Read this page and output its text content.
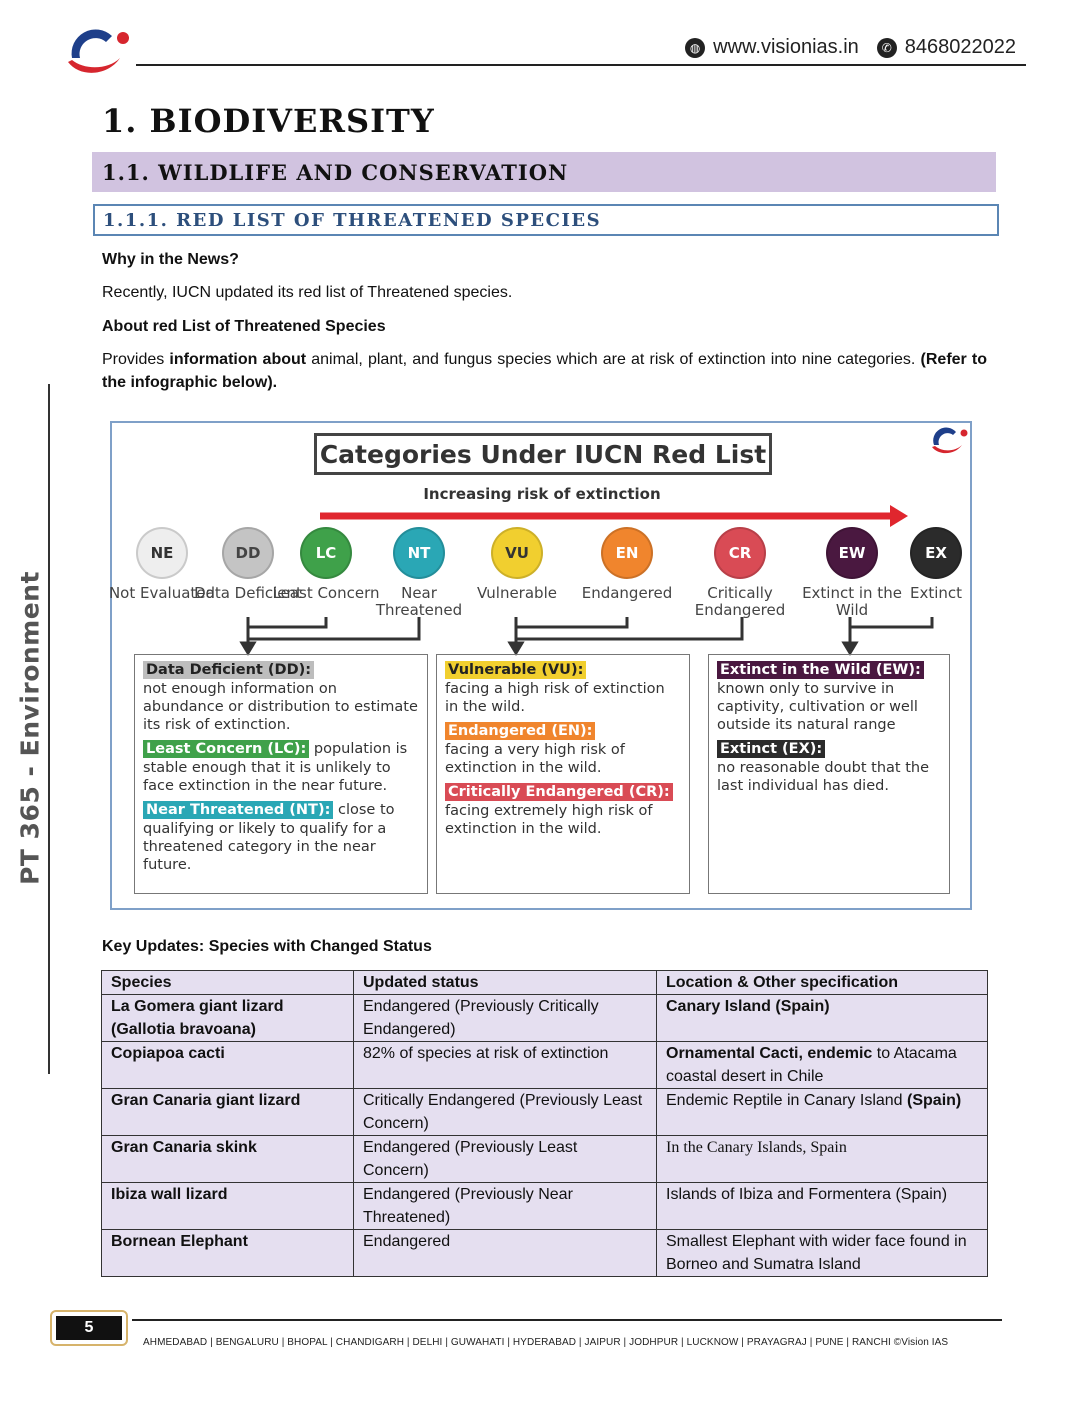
◍ www.visionias.in	✆ 8468022022
PT 365 - Environment
1. BIODIVERSITY
1.1. WILDLIFE AND CONSERVATION
1.1.1. RED LIST OF THREATENED SPECIES
Why in the News?
Recently, IUCN updated its red list of Threatened species.
About red List of Threatened Species
Provides information about animal, plant, and fungus species which are at risk of extinction into nine categories. (Refer to the infographic below).
Categories Under IUCN Red List
Increasing risk of extinction
NE
Not Evaluated
DD
Data Deficient
LC
Least Concern
NT
Near Threatened
VU
Vulnerable
EN
Endangered
CR
Critically Endangered
EW
Extinct in the Wild
EX
Extinct
Data Deficient (DD):
not enough information on abundance or distribution to estimate its risk of extinction.
Least Concern (LC): population is stable enough that it is unlikely to face extinction in the near future.
Near Threatened (NT): close to qualifying or likely to qualify for a threatened category in the near future.
Vulnerable (VU):
facing a high risk of extinction in the wild.
Endangered (EN):
facing a very high risk of extinction in the wild.
Critically Endangered (CR):
facing extremely high risk of extinction in the wild.
Extinct in the Wild (EW):
known only to survive in captivity, cultivation or well outside its natural range
Extinct (EX):
no reasonable doubt that the last individual has died.
Key Updates: Species with Changed Status
Species	Updated status	Location & Other specification
La Gomera giant lizard (Gallotia bravoana)	Endangered (Previously Critically Endangered)	Canary Island (Spain)
Copiapoa cacti	82% of species at risk of extinction	Ornamental Cacti, endemic to Atacama coastal desert in Chile
Gran Canaria giant lizard	Critically Endangered (Previously Least Concern)	Endemic Reptile in Canary Island (Spain)
Gran Canaria skink	Endangered (Previously Least Concern)	In the Canary Islands, Spain
Ibiza wall lizard	Endangered (Previously Near Threatened)	Islands of Ibiza and Formentera (Spain)
Bornean Elephant	Endangered	Smallest Elephant with wider face found in Borneo and Sumatra Island
5
AHMEDABAD | BENGALURU | BHOPAL | CHANDIGARH | DELHI | GUWAHATI | HYDERABAD | JAIPUR | JODHPUR | LUCKNOW | PRAYAGRAJ | PUNE | RANCHI ©Vision IAS
